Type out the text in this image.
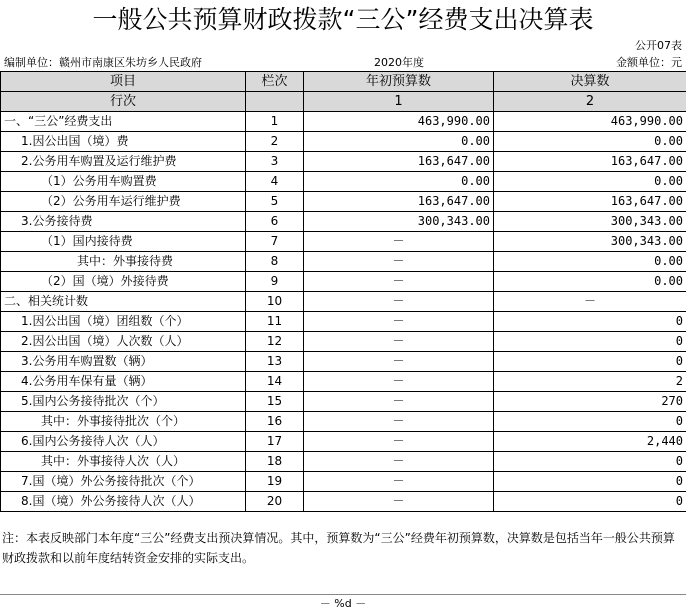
一般公共预算财政拨款“三公”经费支出决算表
公开07表
编制单位：赣州市南康区朱坊乡人民政府	2020年度	金额单位：元
项目	栏次	年初预算数	决算数
行次		1	2
一、“三公”经费支出	1	463,990.00	463,990.00
1.因公出国（境）费	2	0.00	0.00
2.公务用车购置及运行维护费	3	163,647.00	163,647.00
（1）公务用车购置费	4	0.00	0.00
（2）公务用车运行维护费	5	163,647.00	163,647.00
3.公务接待费	6	300,343.00	300,343.00
（1）国内接待费	7	－	300,343.00
其中：外事接待费	8	－	0.00
（2）国（境）外接待费	9	－	0.00
二、相关统计数	10	－	－
1.因公出国（境）团组数（个）	11	－	0
2.因公出国（境）人次数（人）	12	－	0
3.公务用车购置数（辆）	13	－	0
4.公务用车保有量（辆）	14	－	2
5.国内公务接待批次（个）	15	－	270
其中：外事接待批次（个）	16	－	0
6.国内公务接待人次（人）	17	－	2,440
其中：外事接待人次（人）	18	－	0
7.国（境）外公务接待批次（个）	19	－	0
8.国（境）外公务接待人次（人）	20	－	0
注：本表反映部门本年度“三公”经费支出预决算情况。其中，预算数为“三公”经费年初预算数，决算数是包括当年一般公共预算财政拨款和以前年度结转资金安排的实际支出。
－ %d －
